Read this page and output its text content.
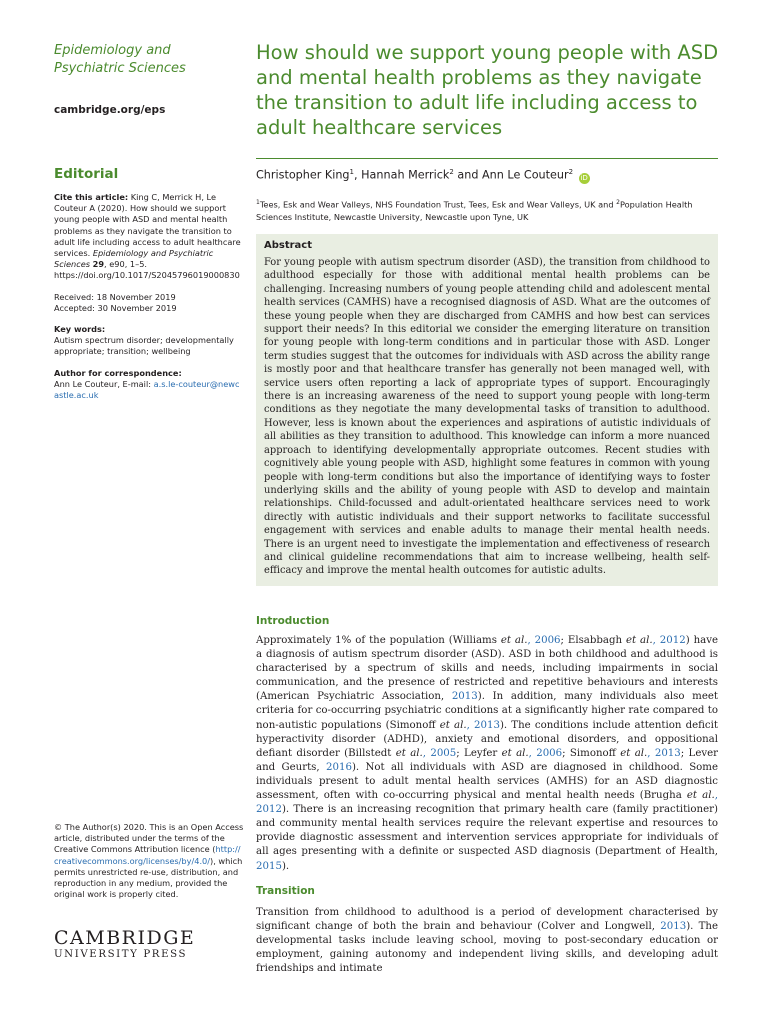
Epidemiology and Psychiatric Sciences
cambridge.org/eps
Editorial

Cite this article: King C, Merrick H, Le Couteur A (2020). How should we support young people with ASD and mental health problems as they navigate the transition to adult life including access to adult healthcare services. Epidemiology and Psychiatric Sciences 29, e90, 1–5. https://doi.org/10.1017/S2045796019000830

Received: 18 November 2019
Accepted: 30 November 2019

Key words:
Autism spectrum disorder; developmentally appropriate; transition; wellbeing

Author for correspondence:
Ann Le Couteur, E-mail: a.s.le-couteur@newcastle.ac.uk

© The Author(s) 2020. This is an Open Access article, distributed under the terms of the Creative Commons Attribution licence (http://creativecommons.org/licenses/by/4.0/), which permits unrestricted re-use, distribution, and reproduction in any medium, provided the original work is properly cited.
CAMBRIDGE
UNIVERSITY PRESS
How should we support young people with ASD and mental health problems as they navigate the transition to adult life including access to adult healthcare services
Christopher King$^1$, Hannah Merrick$^2$ and Ann Le Couteur$^2$ iD
$^1$Tees, Esk and Wear Valleys, NHS Foundation Trust, Tees, Esk and Wear Valleys, UK and $^2$Population Health Sciences Institute, Newcastle University, Newcastle upon Tyne, UK
Abstract
For young people with autism spectrum disorder (ASD), the transition from childhood to adulthood especially for those with additional mental health problems can be challenging. Increasing numbers of young people attending child and adolescent mental health services (CAMHS) have a recognised diagnosis of ASD. What are the outcomes of these young people when they are discharged from CAMHS and how best can services support their needs? In this editorial we consider the emerging literature on transition for young people with long-term conditions and in particular those with ASD. Longer term studies suggest that the outcomes for individuals with ASD across the ability range is mostly poor and that healthcare transfer has generally not been managed well, with service users often reporting a lack of appropriate types of support. Encouragingly there is an increasing awareness of the need to support young people with long-term conditions as they negotiate the many developmental tasks of transition to adulthood. However, less is known about the experiences and aspirations of autistic individuals of all abilities as they transition to adulthood. This knowledge can inform a more nuanced approach to identifying developmentally appropriate outcomes. Recent studies with cognitively able young people with ASD, highlight some features in common with young people with long-term conditions but also the importance of identifying ways to foster underlying skills and the ability of young people with ASD to develop and maintain relationships. Child-focussed and adult-orientated healthcare services need to work directly with autistic individuals and their support networks to facilitate successful engagement with services and enable adults to manage their mental health needs. There is an urgent need to investigate the implementation and effectiveness of research and clinical guideline recommendations that aim to increase wellbeing, health self-efficacy and improve the mental health outcomes for autistic adults.
Introduction

Approximately 1% of the population (Williams et al., 2006; Elsabbagh et al., 2012) have a diagnosis of autism spectrum disorder (ASD). ASD in both childhood and adulthood is characterised by a spectrum of skills and needs, including impairments in social communication, and the presence of restricted and repetitive behaviours and interests (American Psychiatric Association, 2013). In addition, many individuals also meet criteria for co-occurring psychiatric conditions at a significantly higher rate compared to non-autistic populations (Simonoff et al., 2013). The conditions include attention deficit hyperactivity disorder (ADHD), anxiety and emotional disorders, and oppositional defiant disorder (Billstedt et al., 2005; Leyfer et al., 2006; Simonoff et al., 2013; Lever and Geurts, 2016). Not all individuals with ASD are diagnosed in childhood. Some individuals present to adult mental health services (AMHS) for an ASD diagnostic assessment, often with co-occurring physical and mental health needs (Brugha et al., 2012). There is an increasing recognition that primary health care (family practitioner) and community mental health services require the relevant expertise and resources to provide diagnostic assessment and intervention services appropriate for individuals of all ages presenting with a definite or suspected ASD diagnosis (Department of Health, 2015).

Transition

Transition from childhood to adulthood is a period of development characterised by significant change of both the brain and behaviour (Colver and Longwell, 2013). The developmental tasks include leaving school, moving to post-secondary education or employment, gaining autonomy and independent living skills, and developing adult friendships and intimate
